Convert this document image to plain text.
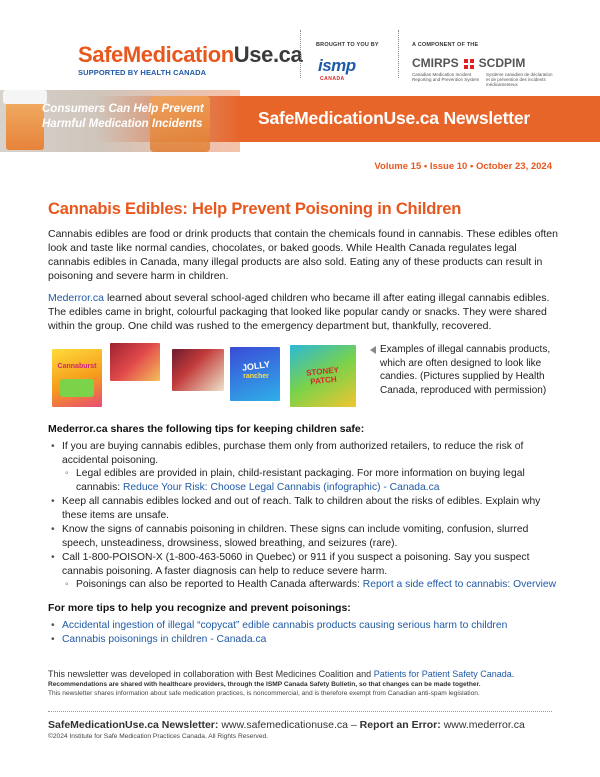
SafeMedicationUse.ca
SUPPORTED BY HEALTH CANADA
BROUGHT TO YOU BY
ismp
CANADA
A COMPONENT OF THE
CMIRPS SCDPIM
Canadian Medication Incident Reporting and Prevention System
Système canadien de déclaration et de prévention des incidents médicamenteux
Consumers Can Help Prevent
Harmful Medication Incidents	SafeMedicationUse.ca Newsletter
Volume 15 • Issue 10 • October 23, 2024
Cannabis Edibles: Help Prevent Poisoning in Children

Cannabis edibles are food or drink products that contain the chemicals found in cannabis. These edibles often look and taste like normal candies, chocolates, or baked goods. While Health Canada regulates legal cannabis edibles in Canada, many illegal products are also sold. Eating any of these products can result in poisoning and severe harm in children.

Mederror.ca learned about several school-aged children who became ill after eating illegal cannabis edibles. The edibles came in bright, colourful packaging that looked like popular candy or snacks. They were shared within the group. One child was rushed to the emergency department but, thankfully, recovered.

Cannaburst	JOLLY
rancher	STONEY PATCH
Examples of illegal cannabis products, which are often designed to look like candies. (Pictures supplied by Health Canada, reproduced with permission)
Mederror.ca shares the following tips for keeping children safe:
• If you are buying cannabis edibles, purchase them only from authorized retailers, to reduce the risk of accidental poisoning.
◦ Legal edibles are provided in plain, child-resistant packaging. For more information on buying legal cannabis: Reduce Your Risk: Choose Legal Cannabis (infographic) - Canada.ca
• Keep all cannabis edibles locked and out of reach. Talk to children about the risks of edibles. Explain why these items are unsafe.
• Know the signs of cannabis poisoning in children. These signs can include vomiting, confusion, slurred speech, unsteadiness, drowsiness, slowed breathing, and seizures (rare).
• Call 1-800-POISON-X (1-800-463-5060 in Quebec) or 911 if you suspect a poisoning. Say you suspect cannabis poisoning. A faster diagnosis can help to reduce severe harm.
◦ Poisonings can also be reported to Health Canada afterwards: Report a side effect to cannabis: Overview
For more tips to help you recognize and prevent poisonings:
• Accidental ingestion of illegal “copycat” edible cannabis products causing serious harm to children
• Cannabis poisonings in children - Canada.ca
This newsletter was developed in collaboration with Best Medicines Coalition and Patients for Patient Safety Canada.
Recommendations are shared with healthcare providers, through the ISMP Canada Safety Bulletin, so that changes can be made together.
This newsletter shares information about safe medication practices, is noncommercial, and is therefore exempt from Canadian anti-spam legislation.
SafeMedicationUse.ca Newsletter: www.safemedicationuse.ca – Report an Error: www.mederror.ca
©2024 Institute for Safe Medication Practices Canada. All Rights Reserved.
